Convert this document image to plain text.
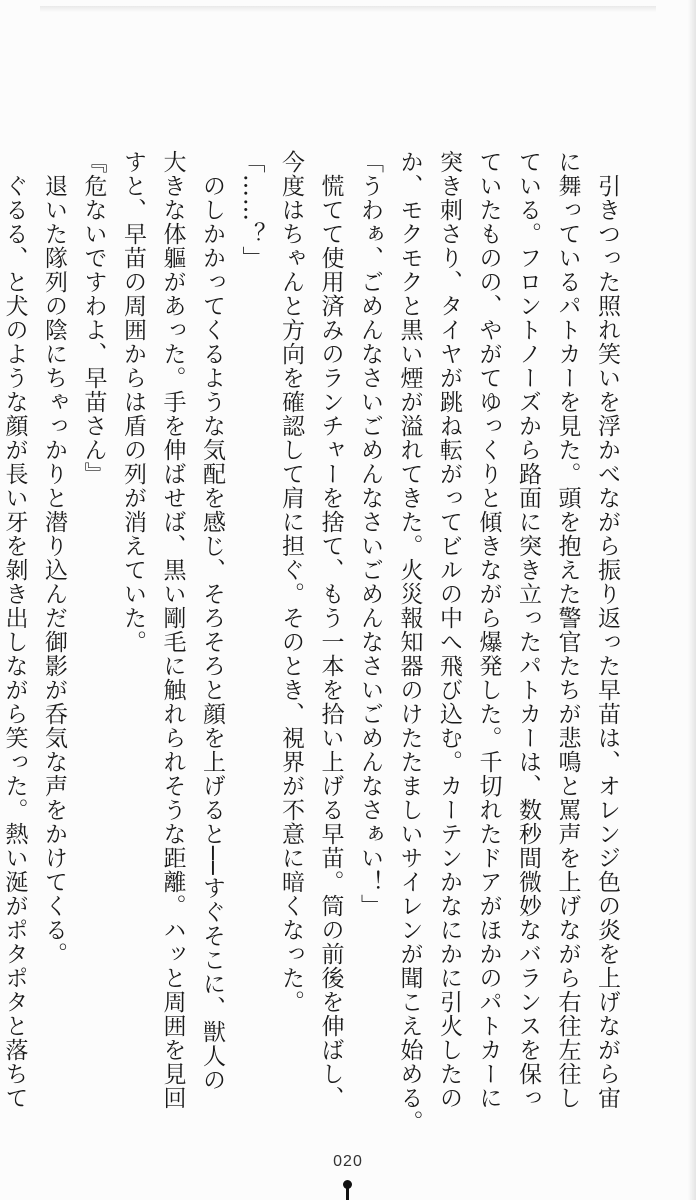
　引きつった照れ笑いを浮かべながら振り返った早苗は、オレンジ色の炎を上げながら宙
に舞っているパトカーを見た。頭を抱えた警官たちが悲鳴と罵声を上げながら右往左往し
ている。フロントノーズから路面に突き立ったパトカーは、数秒間微妙なバランスを保っ
ていたものの、やがてゆっくりと傾きながら爆発した。千切れたドアがほかのパトカーに
突き刺さり、タイヤが跳ね転がってビルの中へ飛び込む。カーテンかなにかに引火したの
か、モクモクと黒い煙が溢れてきた。火災報知器のけたたましいサイレンが聞こえ始める。
「うわぁ、ごめんなさいごめんなさいごめんなさいごめんなさぁい！」
　慌てて使用済みのランチャーを捨て、もう一本を拾い上げる早苗。筒の前後を伸ばし、
今度はちゃんと方向を確認して肩に担ぐ。そのとき、視界が不意に暗くなった。
「……？」
　のしかかってくるような気配を感じ、そろそろと顔を上げると──すぐそこに、獣人の
大きな体軀があった。手を伸ばせば、黒い剛毛に触れられそうな距離。ハッと周囲を見回
すと、早苗の周囲からは盾の列が消えていた。
『危ないですわよ、早苗さん』
　退いた隊列の陰にちゃっかりと潜り込んだ御影が呑気な声をかけてくる。
　ぐるる、と犬のような顔が長い牙を剝き出しながら笑った。熱い涎がポタポタと落ちて
020
